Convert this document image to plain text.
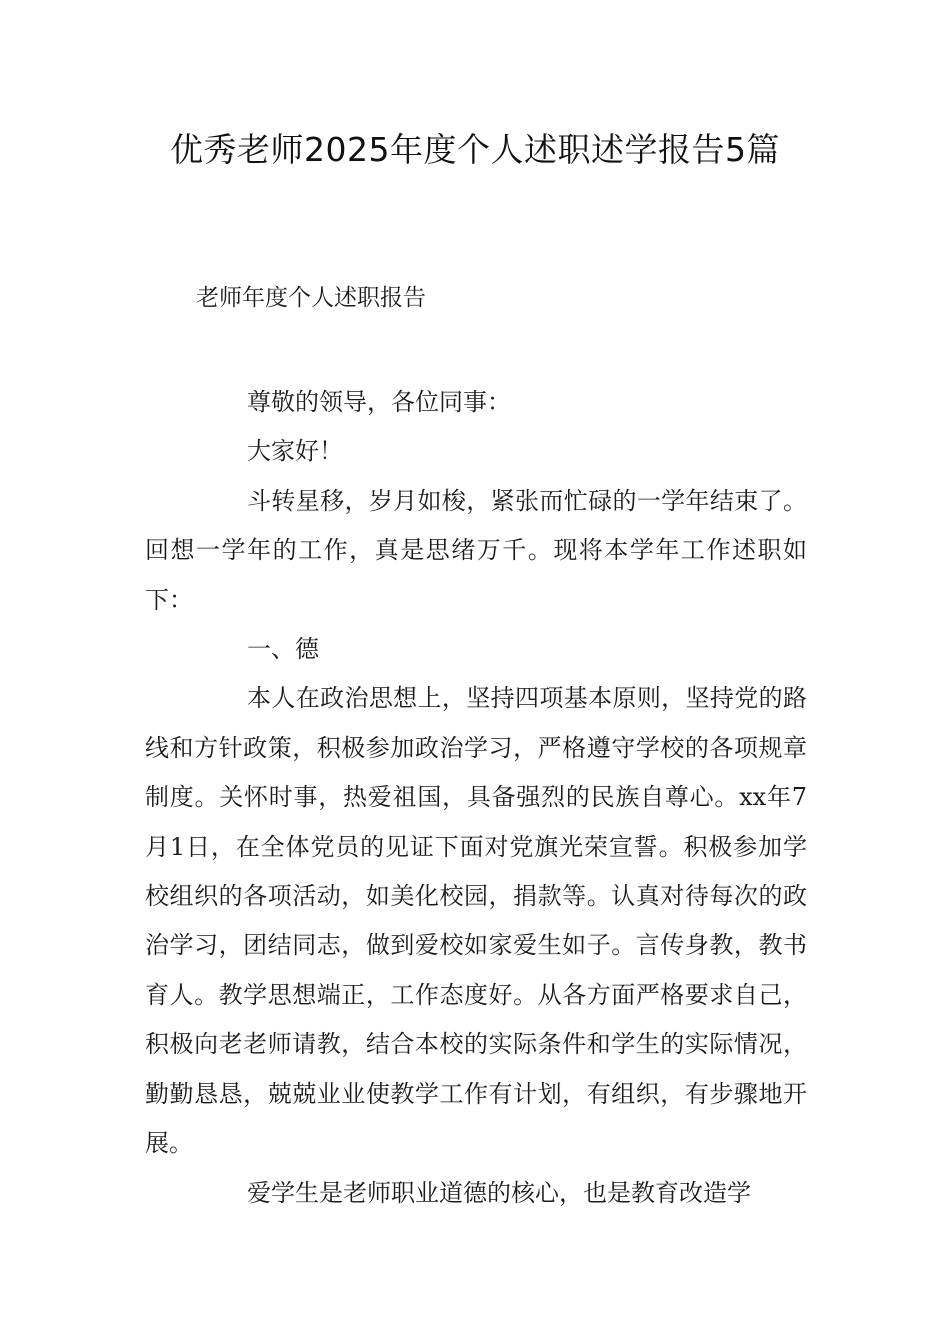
优秀老师2025年度个人述职述学报告5篇
老师年度个人述职报告

尊敬的领导，各位同事：

大家好！

斗转星移，岁月如梭，紧张而忙碌的一学年结束了。回想一学年的工作，真是思绪万千。现将本学年工作述职如下：

一、德

本人在政治思想上，坚持四项基本原则，坚持党的路线和方针政策，积极参加政治学习，严格遵守学校的各项规章制度。关怀时事，热爱祖国，具备强烈的民族自尊心。xx年7月1日，在全体党员的见证下面对党旗光荣宣誓。积极参加学校组织的各项活动，如美化校园，捐款等。认真对待每次的政治学习，团结同志，做到爱校如家爱生如子。言传身教，教书育人。教学思想端正，工作态度好。从各方面严格要求自己，积极向老老师请教，结合本校的实际条件和学生的实际情况，勤勤恳恳，兢兢业业使教学工作有计划，有组织，有步骤地开展。

爱学生是老师职业道德的核心，也是教育改造学
